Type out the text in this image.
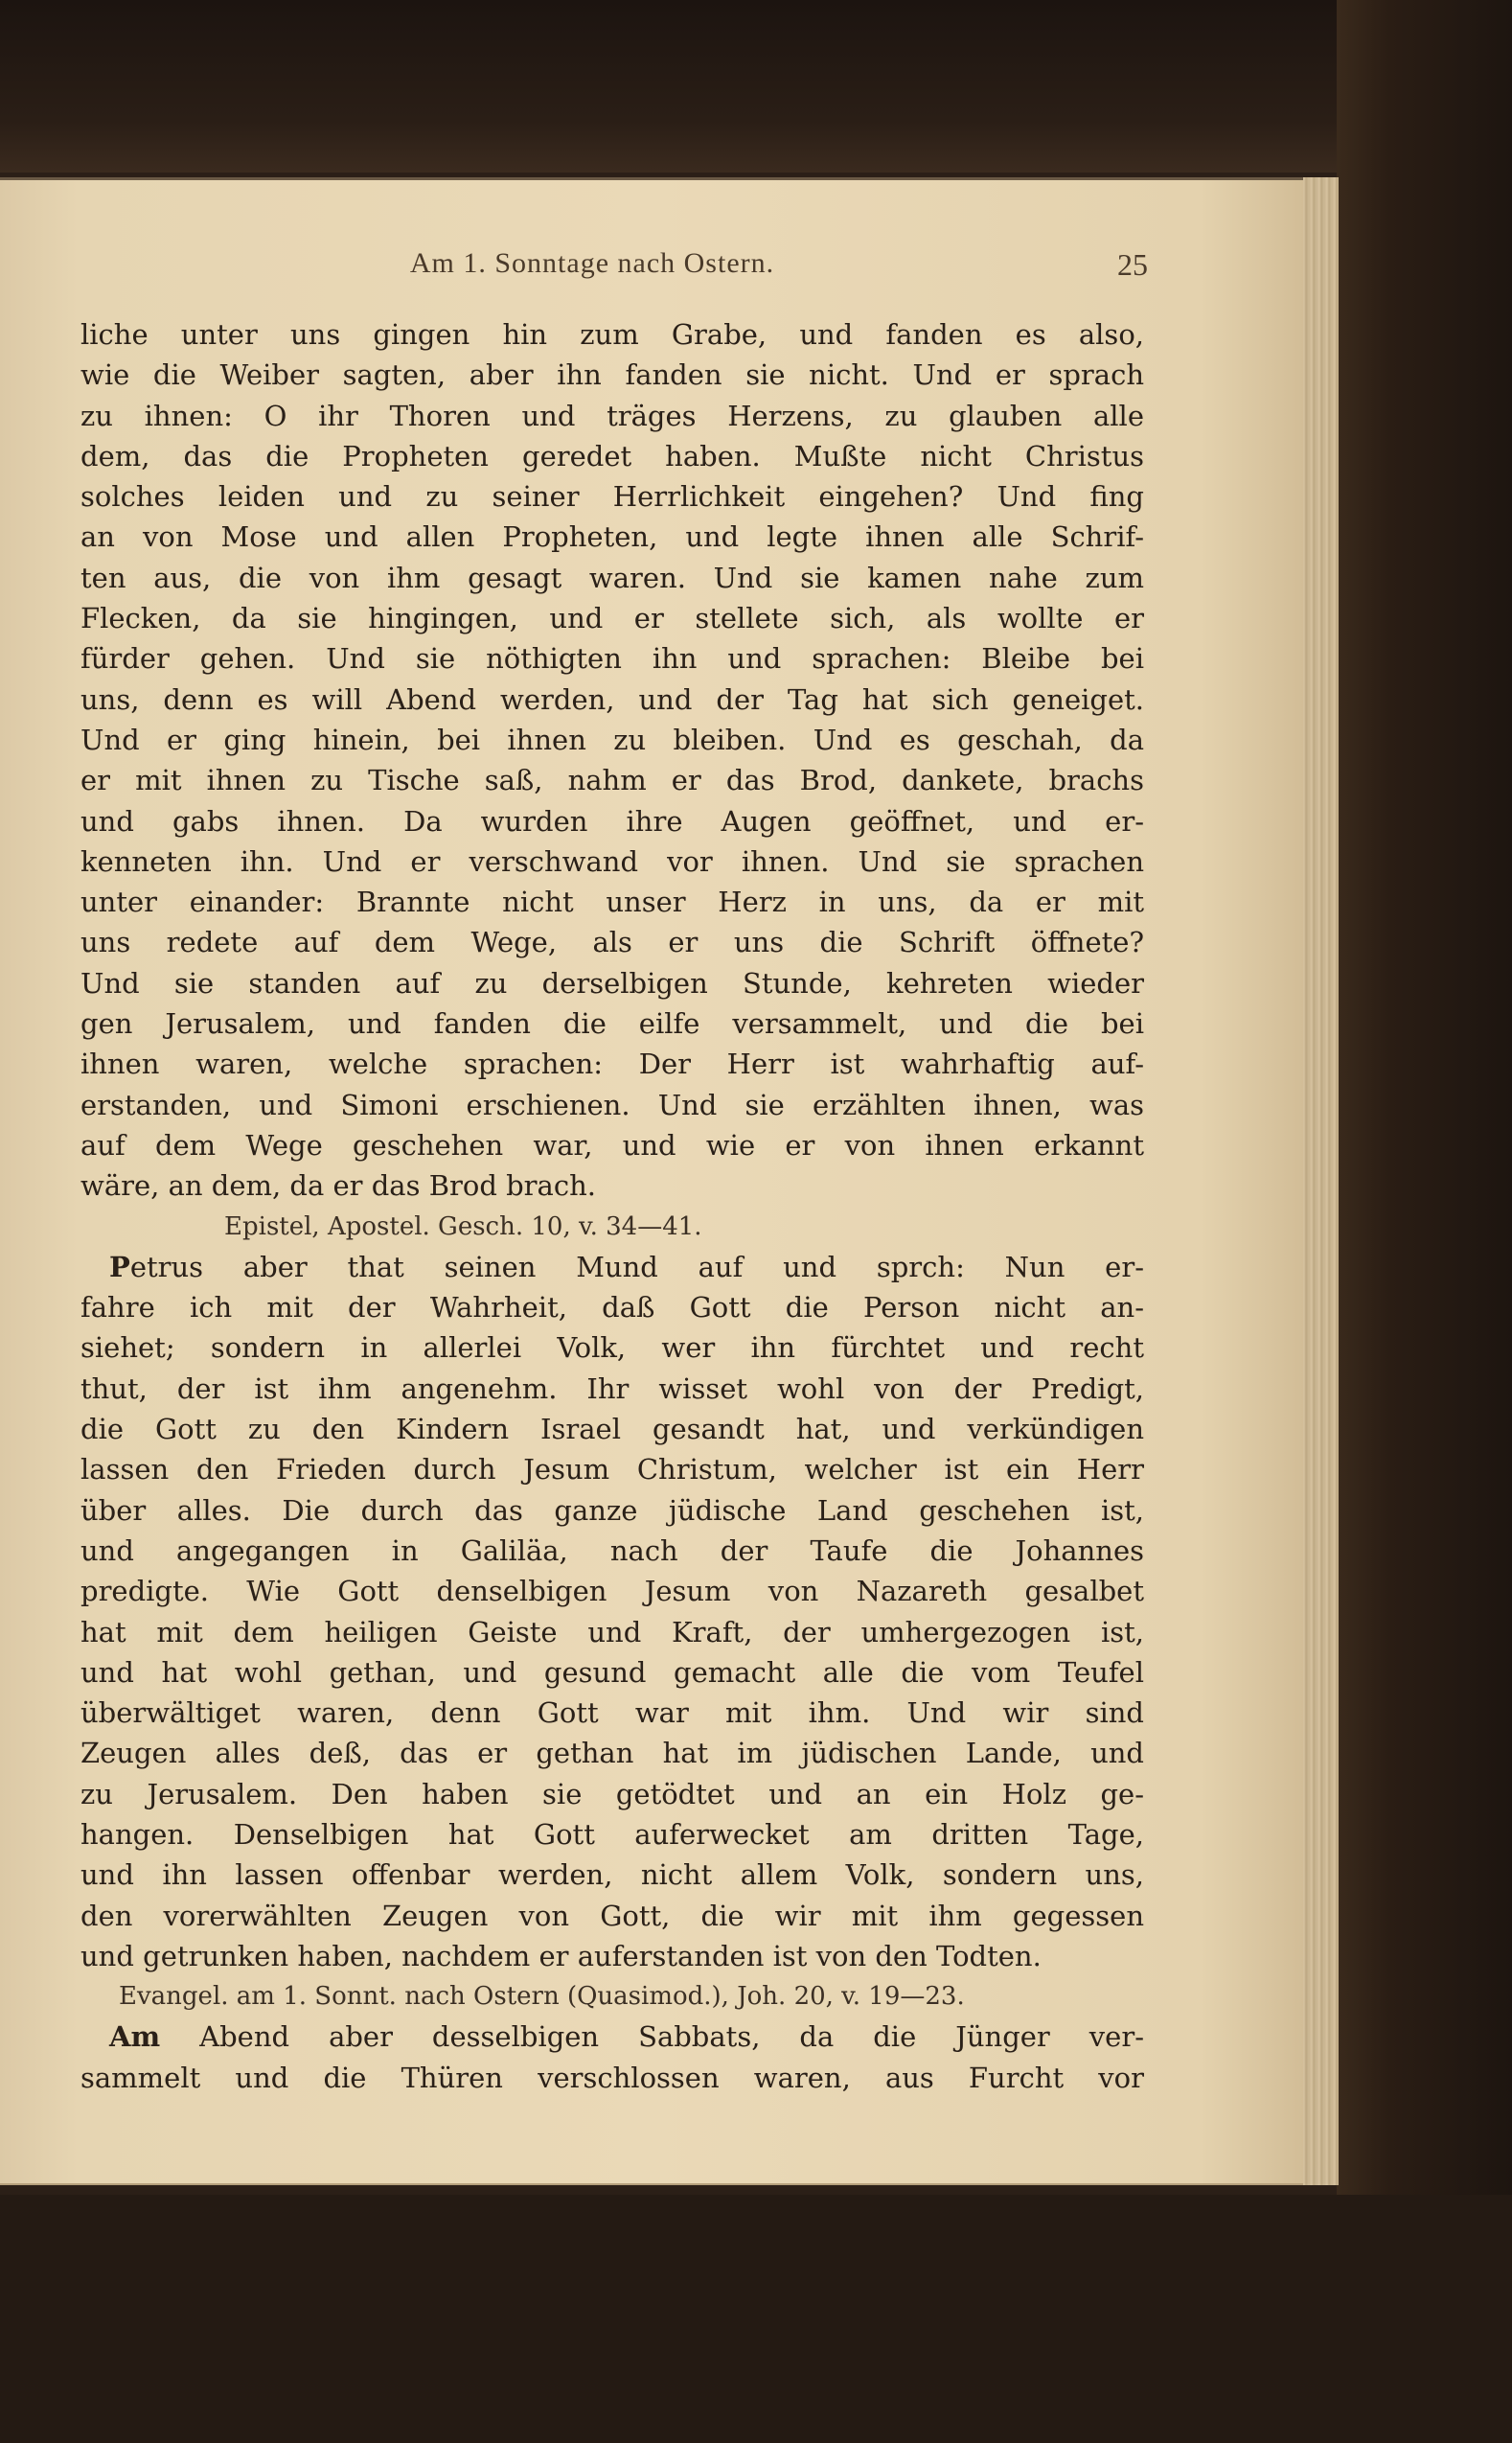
Am 1. Sonntage nach Ostern.	25
liche unter uns gingen hin zum Grabe, und fanden es also,
wie die Weiber sagten, aber ihn fanden sie nicht. Und er sprach
zu ihnen: O ihr Thoren und träges Herzens, zu glauben alle
dem, das die Propheten geredet haben. Mußte nicht Christus
solches leiden und zu seiner Herrlichkeit eingehen? Und fing
an von Mose und allen Propheten, und legte ihnen alle Schrif-
ten aus, die von ihm gesagt waren. Und sie kamen nahe zum
Flecken, da sie hingingen, und er stellete sich, als wollte er
fürder gehen. Und sie nöthigten ihn und sprachen: Bleibe bei
uns, denn es will Abend werden, und der Tag hat sich geneiget.
Und er ging hinein, bei ihnen zu bleiben. Und es geschah, da
er mit ihnen zu Tische saß, nahm er das Brod, dankete, brachs
und gabs ihnen. Da wurden ihre Augen geöffnet, und er-
kenneten ihn. Und er verschwand vor ihnen. Und sie sprachen
unter einander: Brannte nicht unser Herz in uns, da er mit
uns redete auf dem Wege, als er uns die Schrift öffnete?
Und sie standen auf zu derselbigen Stunde, kehreten wieder
gen Jerusalem, und fanden die eilfe versammelt, und die bei
ihnen waren, welche sprachen: Der Herr ist wahrhaftig auf-
erstanden, und Simoni erschienen. Und sie erzählten ihnen, was
auf dem Wege geschehen war, und wie er von ihnen erkannt
wäre, an dem, da er das Brod brach.
Epistel, Apostel. Gesch. 10, v. 34—41.
Petrus aber that seinen Mund auf und sprch: Nun er-
fahre ich mit der Wahrheit, daß Gott die Person nicht an-
siehet; sondern in allerlei Volk, wer ihn fürchtet und recht
thut, der ist ihm angenehm. Ihr wisset wohl von der Predigt,
die Gott zu den Kindern Israel gesandt hat, und verkündigen
lassen den Frieden durch Jesum Christum, welcher ist ein Herr
über alles. Die durch das ganze jüdische Land geschehen ist,
und angegangen in Galiläa, nach der Taufe die Johannes
predigte. Wie Gott denselbigen Jesum von Nazareth gesalbet
hat mit dem heiligen Geiste und Kraft, der umhergezogen ist,
und hat wohl gethan, und gesund gemacht alle die vom Teufel
überwältiget waren, denn Gott war mit ihm. Und wir sind
Zeugen alles deß, das er gethan hat im jüdischen Lande, und
zu Jerusalem. Den haben sie getödtet und an ein Holz ge-
hangen. Denselbigen hat Gott auferwecket am dritten Tage,
und ihn lassen offenbar werden, nicht allem Volk, sondern uns,
den vorerwählten Zeugen von Gott, die wir mit ihm gegessen
und getrunken haben, nachdem er auferstanden ist von den Todten.
Evangel. am 1. Sonnt. nach Ostern (Quasimod.), Joh. 20, v. 19—23.
Am Abend aber desselbigen Sabbats, da die Jünger ver-
sammelt und die Thüren verschlossen waren, aus Furcht vor
